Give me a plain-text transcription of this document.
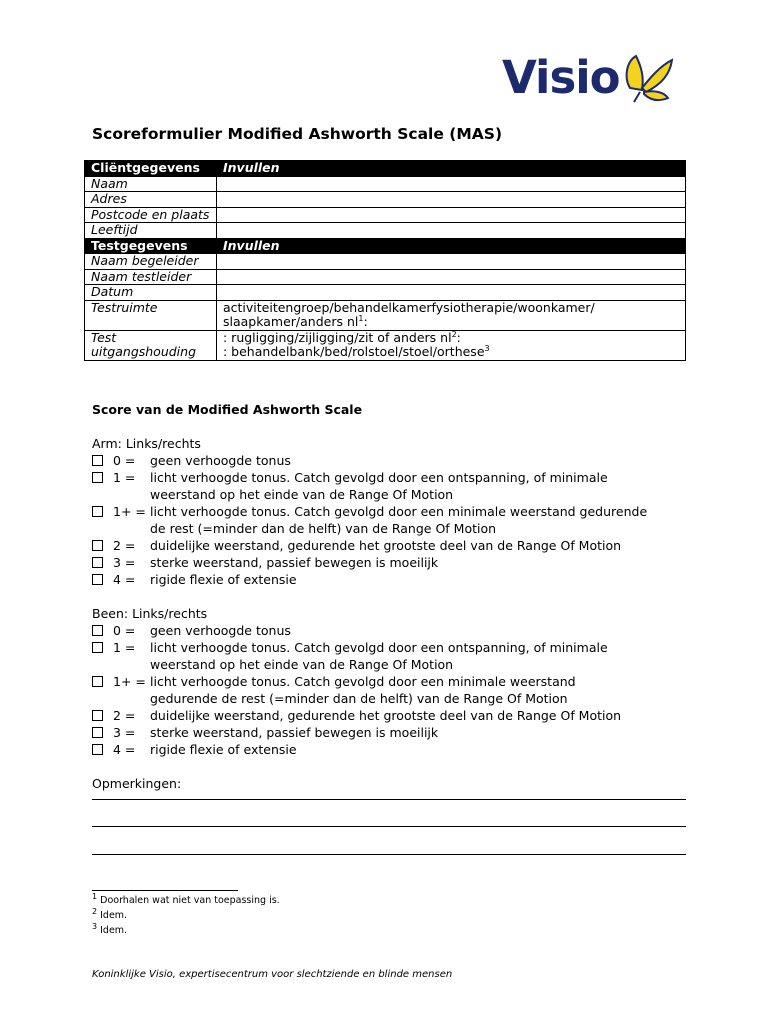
Visio
Scoreformulier Modified Ashworth Scale (MAS)
Cliëntgegevens	Invullen
Naam	
Adres	
Postcode en plaats	
Leeftijd	
Testgegevens	Invullen
Naam begeleider	
Naam testleider	
Datum	
Testruimte	activiteitengroep/behandelkamerfysiotherapie/woonkamer/
slaapkamer/anders $nl^1$:

Test uitgangshouding	: rugligging/zijligging/zit of anders $nl^2$:
: behandelbank/bed/rolstoel/stoel/orthese$^3$
Score van de Modified Ashworth Scale
Arm: Links/rechts
0 = geen verhoogde tonus
1 = licht verhoogde tonus. Catch gevolgd door een ontspanning, of minimale
weerstand op het einde van de Range Of Motion
1+ = licht verhoogde tonus. Catch gevolgd door een minimale weerstand gedurende
de rest (=minder dan de helft) van de Range Of Motion
2 = duidelijke weerstand, gedurende het grootste deel van de Range Of Motion
3 = sterke weerstand, passief bewegen is moeilijk
4 = rigide flexie of extensie
Been: Links/rechts
0 = geen verhoogde tonus
1 = licht verhoogde tonus. Catch gevolgd door een ontspanning, of minimale
weerstand op het einde van de Range Of Motion
1+ = licht verhoogde tonus. Catch gevolgd door een minimale weerstand
gedurende de rest (=minder dan de helft) van de Range Of Motion
2 = duidelijke weerstand, gedurende het grootste deel van de Range Of Motion
3 = sterke weerstand, passief bewegen is moeilijk
4 = rigide flexie of extensie
Opmerkingen:
$^1$ Doorhalen wat niet van toepassing is.
$^2$ Idem.
$^3$ Idem.
Koninklijke Visio, expertisecentrum voor slechtziende en blinde mensen
